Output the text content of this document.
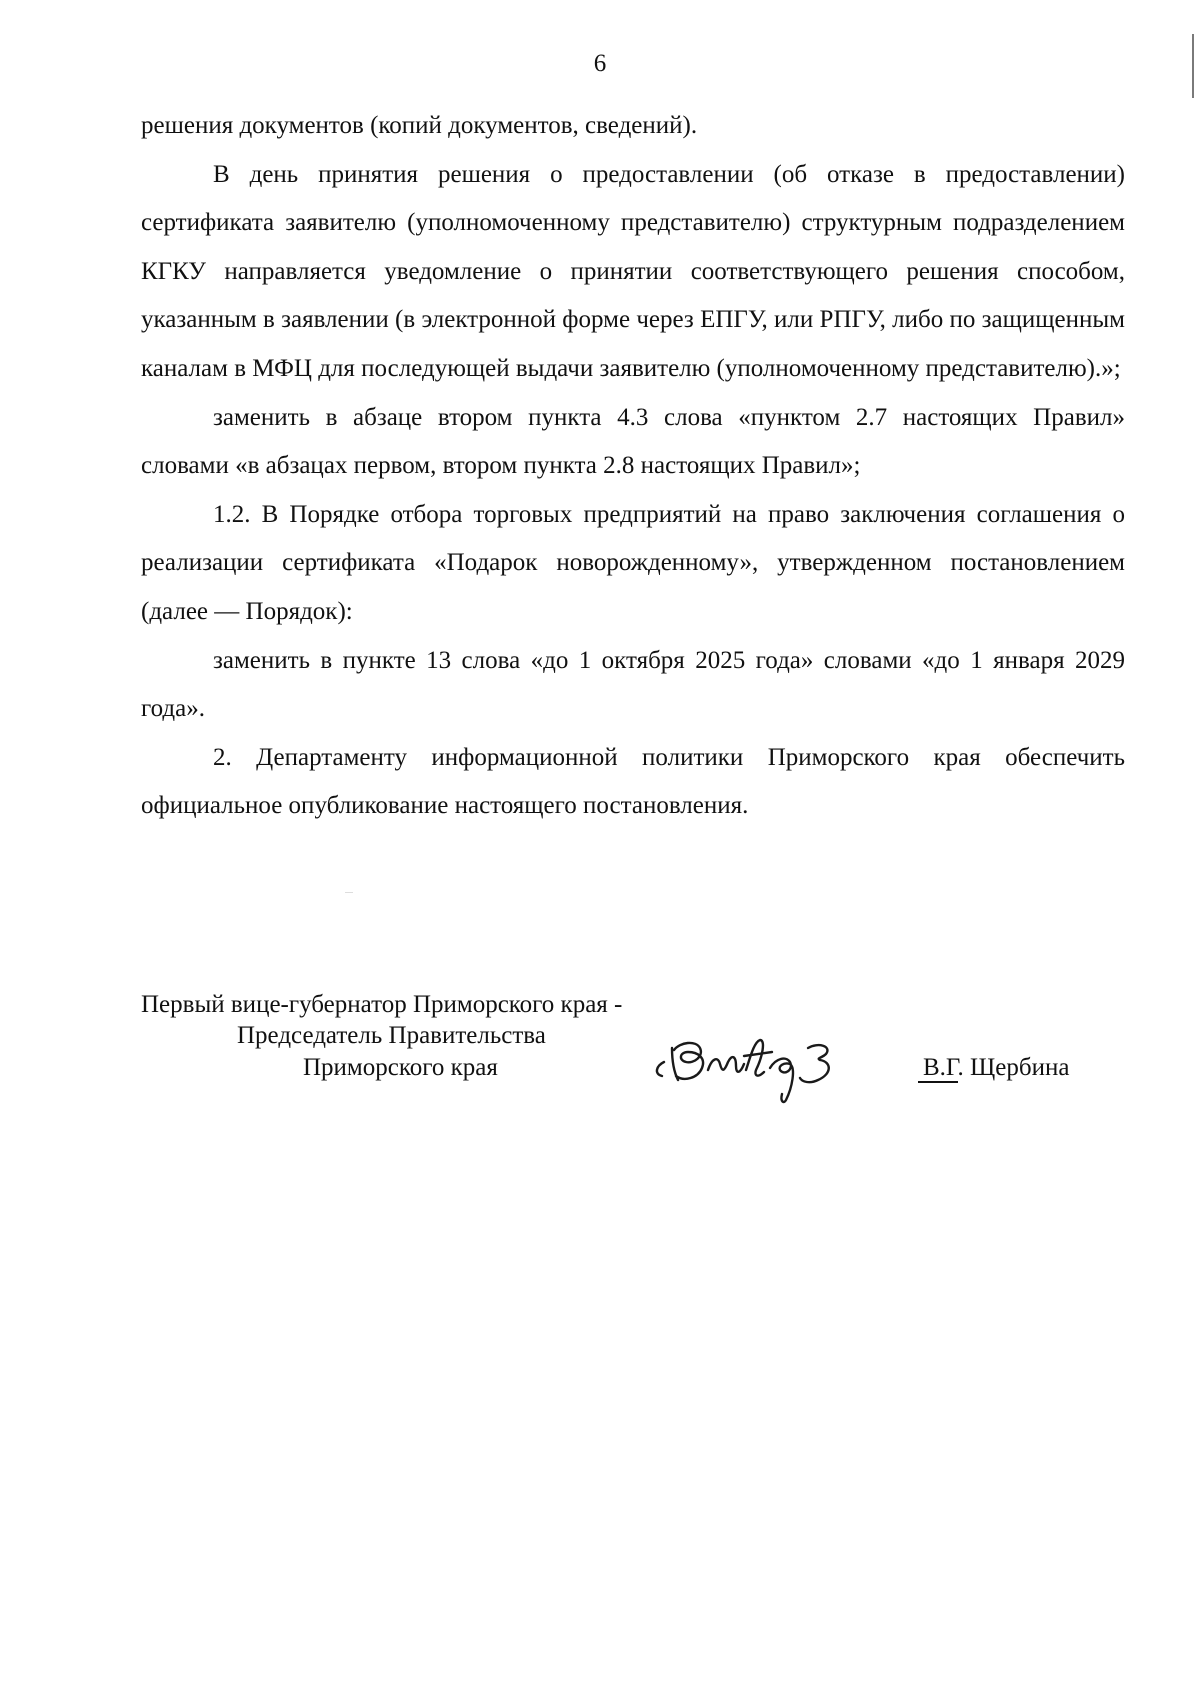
6

решения документов (копий документов, сведений).

В день принятия решения о предоставлении (об отказе в предоставлении) сертификата заявителю (уполномоченному представителю) структурным подразделением КГКУ направляется уведомление о принятии соответствующего решения способом, указанным в заявлении (в электронной форме через ЕПГУ, или РПГУ, либо по защищенным каналам в МФЦ для последующей выдачи заявителю (уполномоченному представителю).»;

заменить в абзаце втором пункта 4.3 слова «пунктом 2.7 настоящих Правил» словами «в абзацах первом, втором пункта 2.8 настоящих Правил»;

1.2. В Порядке отбора торговых предприятий на право заключения соглашения о реализации сертификата «Подарок новорожденному», утвержденном постановлением (далее — Порядок):

заменить в пункте 13 слова «до 1 октября 2025 года» словами «до 1 января 2029 года».

2. Департаменту информационной политики Приморского края обеспечить официальное опубликование настоящего постановления.

Первый вице-губернатор Приморского края -
Председатель Правительства
Приморского края	В.Г. Щербина
